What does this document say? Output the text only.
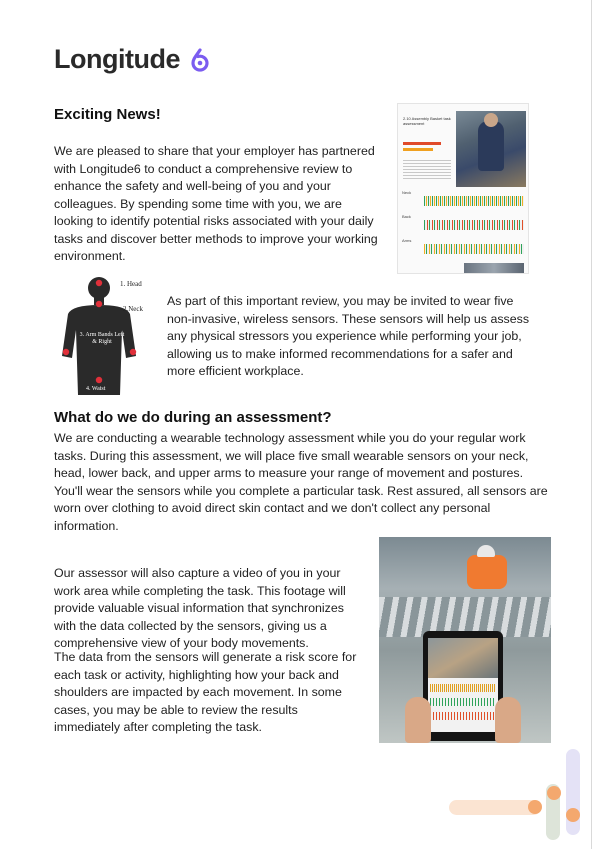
Longitude
Exciting News!
We are pleased to share that your employer has partnered with Longitude6 to conduct a comprehensive review to enhance the safety and well-being of you and your colleagues. By spending some time with you, we are looking to identify potential risks associated with your daily tasks and discover better methods to improve your working environment.
2.10 Assembly Basket task assessment
Neck
Back
Arms
1. Head
2.Neck
3. Arm Bands Left & Right
4. Waist
As part of this important review, you may be invited to wear five non-invasive, wireless sensors. These sensors will help us assess any physical stressors you experience while performing your job, allowing us to make informed recommendations for a safer and more efficient workplace.
What do we do during an assessment?
We are conducting a wearable technology assessment while you do your regular work tasks. During this assessment, we will place five small wearable sensors on your neck, head, lower back, and upper arms to measure your range of movement and postures. You'll wear the sensors while you complete a particular task. Rest assured, all sensors are worn over clothing to avoid direct skin contact and we don't collect any personal information.
Our assessor will also capture a video of you in your work area while completing the task. This footage will provide valuable visual information that synchronizes with the data collected by the sensors, giving us a comprehensive view of your body movements.
The data from the sensors will generate a risk score for each task or activity, highlighting how your back and shoulders are impacted by each movement. In some cases, you may be able to review the results immediately after completing the task.
